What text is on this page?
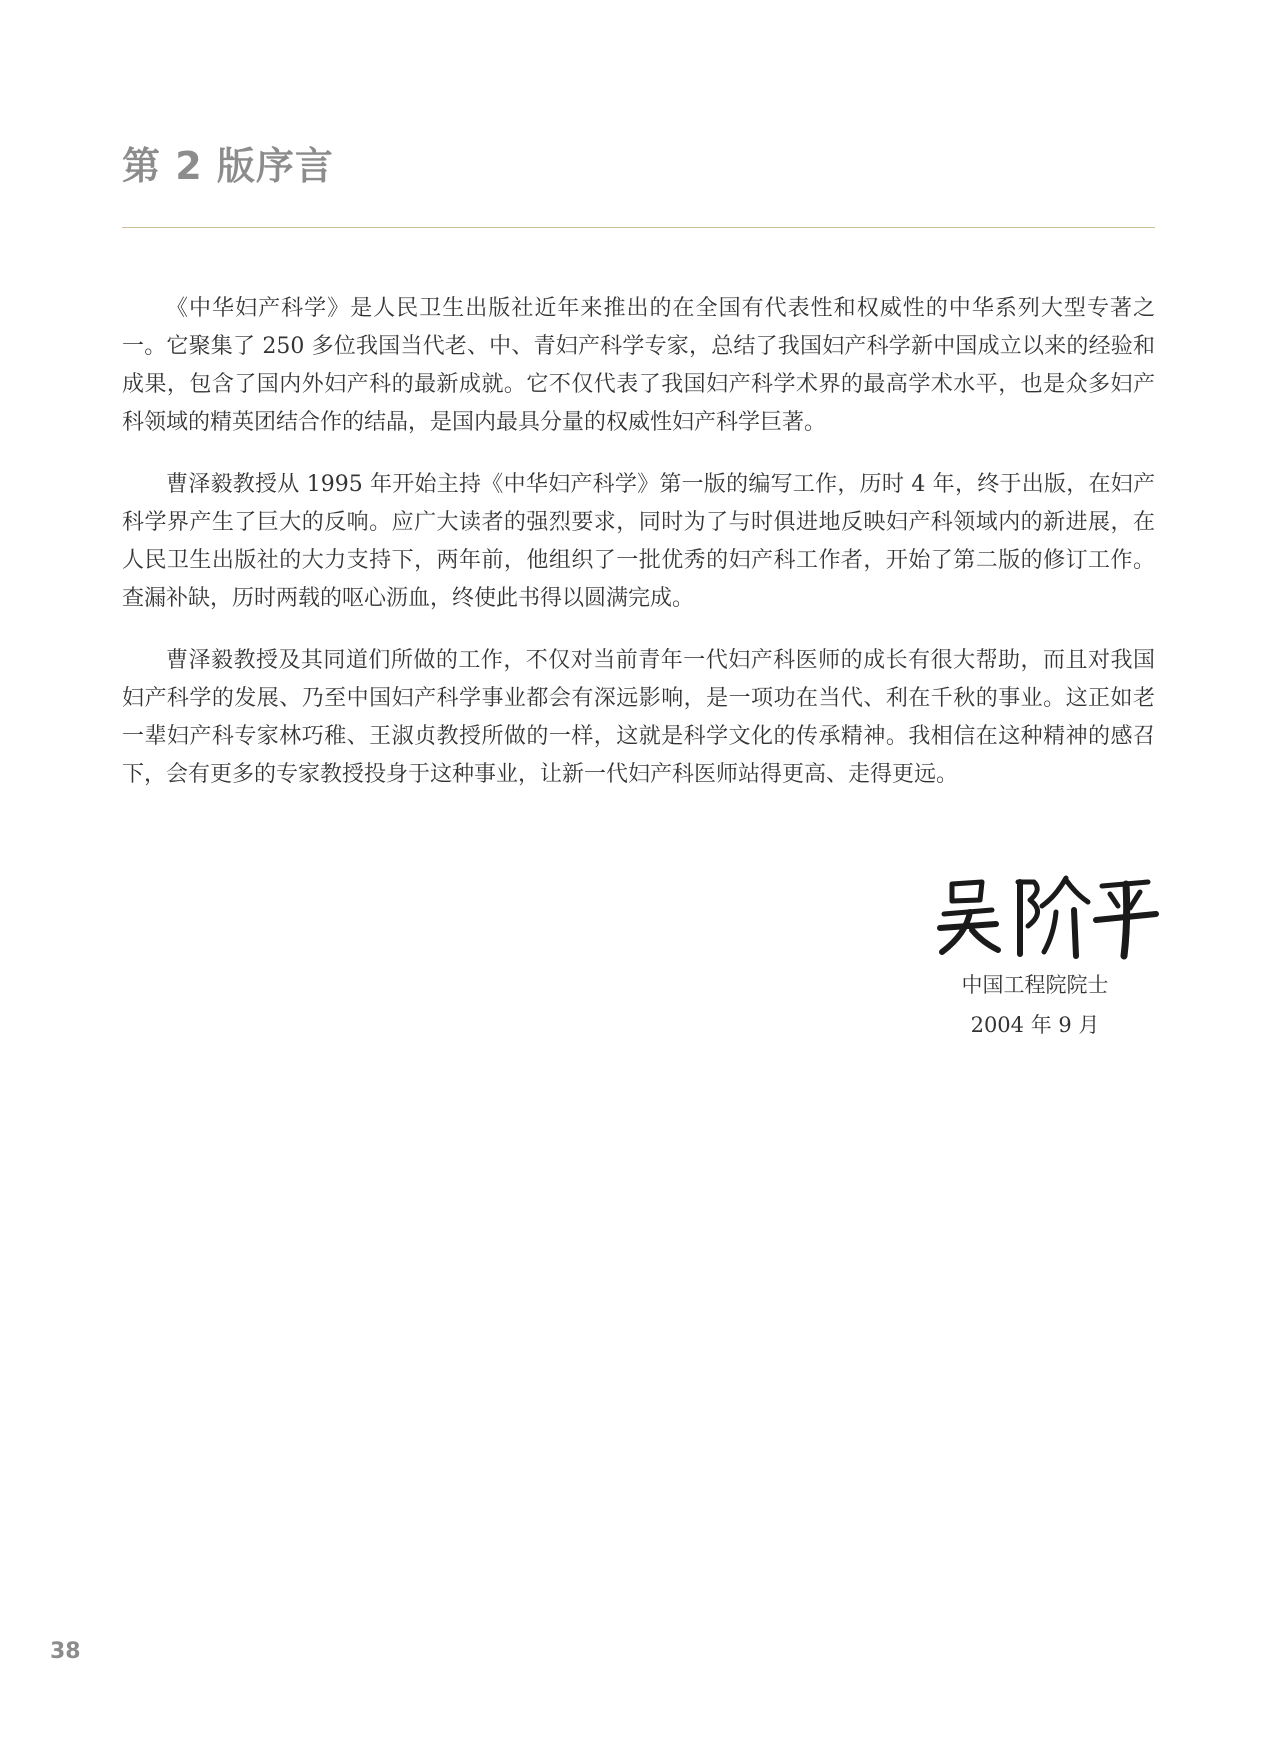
第 2 版序言

《中华妇产科学》是人民卫生出版社近年来推出的在全国有代表性和权威性的中华系列大型专著之一。它聚集了 250 多位我国当代老、中、青妇产科学专家，总结了我国妇产科学新中国成立以来的经验和成果，包含了国内外妇产科的最新成就。它不仅代表了我国妇产科学术界的最高学术水平，也是众多妇产科领域的精英团结合作的结晶，是国内最具分量的权威性妇产科学巨著。

曹泽毅教授从 1995 年开始主持《中华妇产科学》第一版的编写工作，历时 4 年，终于出版，在妇产科学界产生了巨大的反响。应广大读者的强烈要求，同时为了与时俱进地反映妇产科领域内的新进展，在人民卫生出版社的大力支持下，两年前，他组织了一批优秀的妇产科工作者，开始了第二版的修订工作。查漏补缺，历时两载的呕心沥血，终使此书得以圆满完成。

曹泽毅教授及其同道们所做的工作，不仅对当前青年一代妇产科医师的成长有很大帮助，而且对我国妇产科学的发展、乃至中国妇产科学事业都会有深远影响，是一项功在当代、利在千秋的事业。这正如老一辈妇产科专家林巧稚、王淑贞教授所做的一样，这就是科学文化的传承精神。我相信在这种精神的感召下，会有更多的专家教授投身于这种事业，让新一代妇产科医师站得更高、走得更远。

中国工程院院士
2004 年 9 月
38
